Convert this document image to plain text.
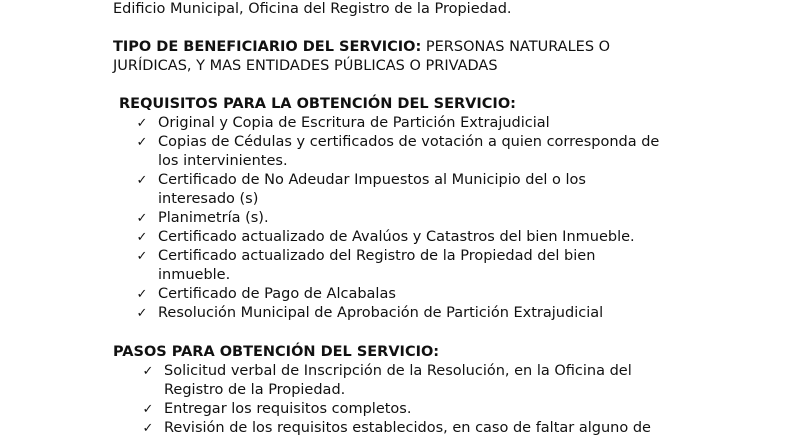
Edificio Municipal, Oficina del Registro de la Propiedad.
TIPO DE BENEFICIARIO DEL SERVICIO: PERSONAS NATURALES O
JURÍDICAS, Y MAS ENTIDADES PÚBLICAS O PRIVADAS
REQUISITOS PARA LA OBTENCIÓN DEL SERVICIO:
✓ Original y Copia de Escritura de Partición Extrajudicial
✓ Copias de Cédulas y certificados de votación a quien corresponda de
los intervinientes.
✓ Certificado de No Adeudar Impuestos al Municipio del o los
interesado (s)
✓ Planimetría (s).
✓ Certificado actualizado de Avalúos y Catastros del bien Inmueble.
✓ Certificado actualizado del Registro de la Propiedad del bien
inmueble.
✓ Certificado de Pago de Alcabalas
✓ Resolución Municipal de Aprobación de Partición Extrajudicial
PASOS PARA OBTENCIÓN DEL SERVICIO:
✓ Solicitud verbal de Inscripción de la Resolución, en la Oficina del
Registro de la Propiedad.
✓ Entregar los requisitos completos.
✓ Revisión de los requisitos establecidos, en caso de faltar alguno de
